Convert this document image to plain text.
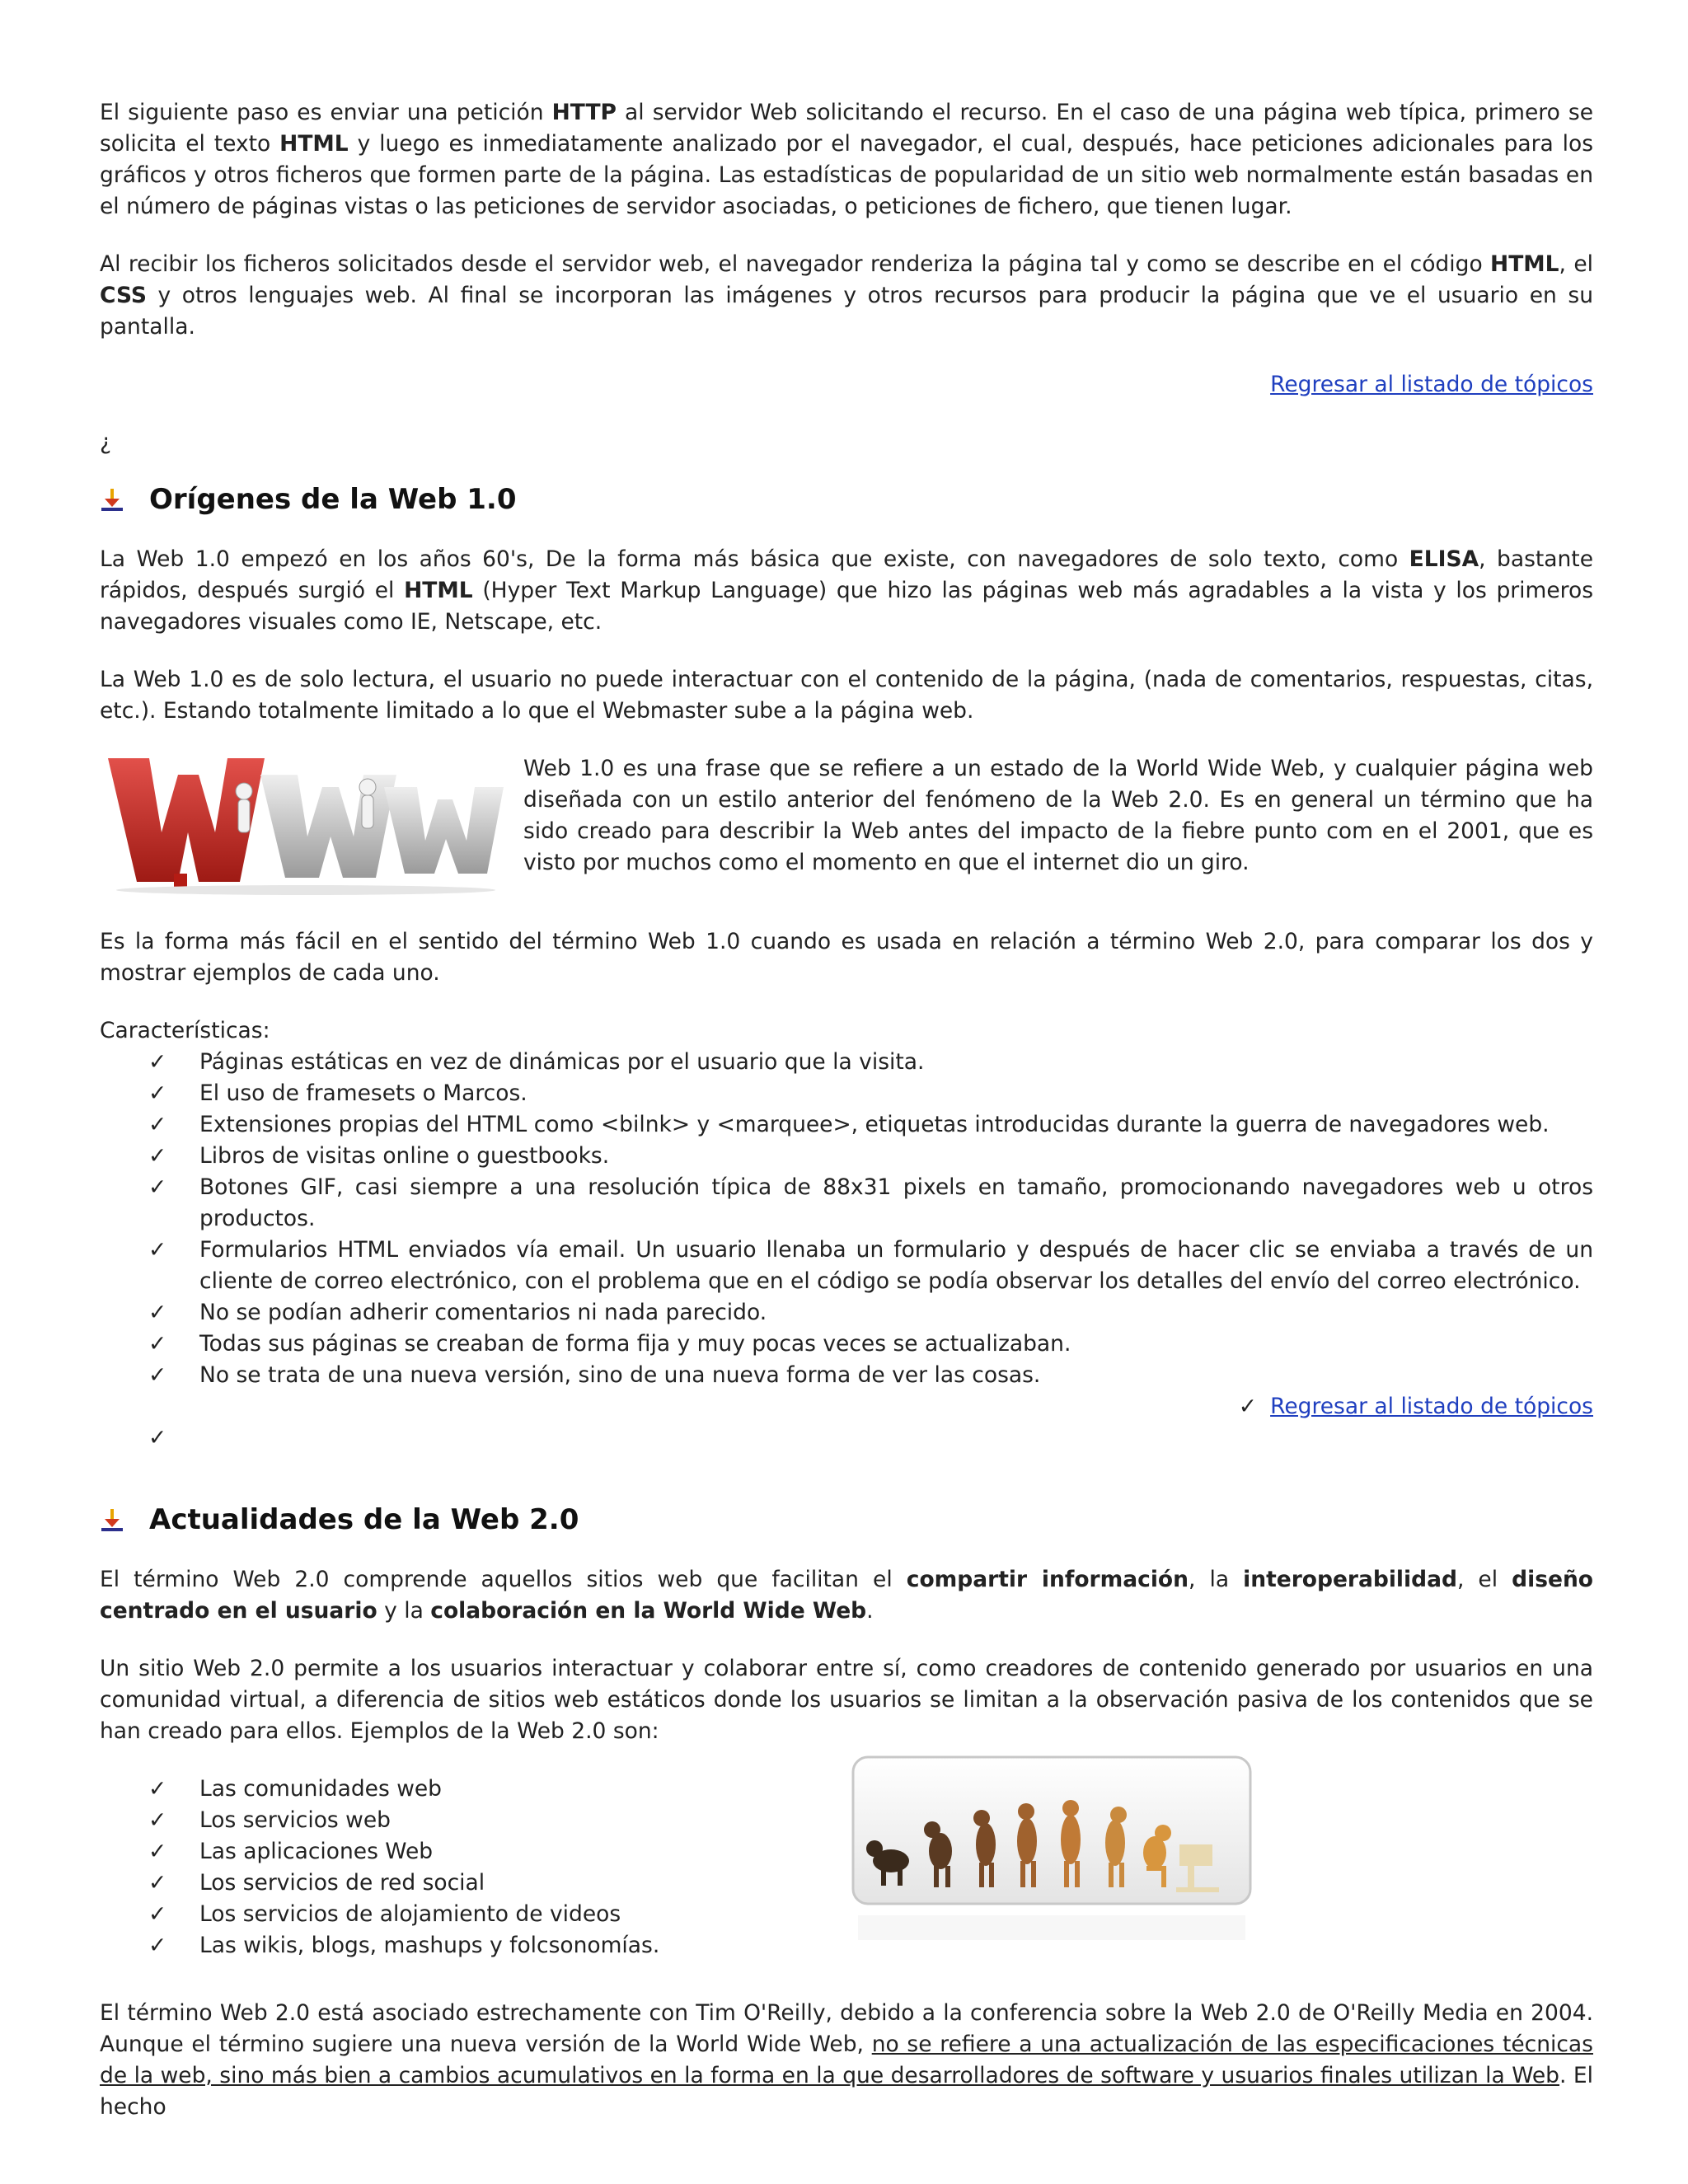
El siguiente paso es enviar una petición HTTP al servidor Web solicitando el recurso. En el caso de una página web típica, primero se solicita el texto HTML y luego es inmediatamente analizado por el navegador, el cual, después, hace peticiones adicionales para los gráficos y otros ficheros que formen parte de la página. Las estadísticas de popularidad de un sitio web normalmente están basadas en el número de páginas vistas o las peticiones de servidor asociadas, o peticiones de fichero, que tienen lugar.

Al recibir los ficheros solicitados desde el servidor web, el navegador renderiza la página tal y como se describe en el código HTML, el CSS y otros lenguajes web. Al final se incorporan las imágenes y otros recursos para producir la página que ve el usuario en su pantalla.

Regresar al listado de tópicos
¿
Orígenes de la Web 1.0

La Web 1.0 empezó en los años 60's, De la forma más básica que existe, con navegadores de solo texto, como ELISA, bastante rápidos, después surgió el HTML (Hyper Text Markup Language) que hizo las páginas web más agradables a la vista y los primeros navegadores visuales como IE, Netscape, etc.

La Web 1.0 es de solo lectura, el usuario no puede interactuar con el contenido de la página, (nada de comentarios, respuestas, citas, etc.). Estando totalmente limitado a lo que el Webmaster sube a la página web.

Web 1.0 es una frase que se refiere a un estado de la World Wide Web, y cualquier página web diseñada con un estilo anterior del fenómeno de la Web 2.0. Es en general un término que ha sido creado para describir la Web antes del impacto de la fiebre punto com en el 2001, que es visto por muchos como el momento en que el internet dio un giro.

Es la forma más fácil en el sentido del término Web 1.0 cuando es usada en relación a término Web 2.0, para comparar los dos y mostrar ejemplos de cada uno.

Características:

✓ Páginas estáticas en vez de dinámicas por el usuario que la visita.
✓ El uso de framesets o Marcos.
✓ Extensiones propias del HTML como <bilnk> y <marquee>, etiquetas introducidas durante la guerra de navegadores web.
✓ Libros de visitas online o guestbooks.
✓ Botones GIF, casi siempre a una resolución típica de 88x31 pixels en tamaño, promocionando navegadores web u otros productos.
✓ Formularios HTML enviados vía email. Un usuario llenaba un formulario y después de hacer clic se enviaba a través de un cliente de correo electrónico, con el problema que en el código se podía observar los detalles del envío del correo electrónico.
✓ No se podían adherir comentarios ni nada parecido.
✓ Todas sus páginas se creaban de forma fija y muy pocas veces se actualizaban.
✓ No se trata de una nueva versión, sino de una nueva forma de ver las cosas.
✓ Regresar al listado de tópicos
✓
Actualidades de la Web 2.0

El término Web 2.0 comprende aquellos sitios web que facilitan el compartir información, la interoperabilidad, el diseño centrado en el usuario y la colaboración en la World Wide Web.

Un sitio Web 2.0 permite a los usuarios interactuar y colaborar entre sí, como creadores de contenido generado por usuarios en una comunidad virtual, a diferencia de sitios web estáticos donde los usuarios se limitan a la observación pasiva de los contenidos que se han creado para ellos. Ejemplos de la Web 2.0 son:

✓ Las comunidades web
✓ Los servicios web
✓ Las aplicaciones Web
✓ Los servicios de red social
✓ Los servicios de alojamiento de videos
✓ Las wikis, blogs, mashups y folcsonomías.

El término Web 2.0 está asociado estrechamente con Tim O'Reilly, debido a la conferencia sobre la Web 2.0 de O'Reilly Media en 2004. Aunque el término sugiere una nueva versión de la World Wide Web, no se refiere a una actualización de las especificaciones técnicas de la web, sino más bien a cambios acumulativos en la forma en la que desarrolladores de software y usuarios finales utilizan la Web. El hecho
